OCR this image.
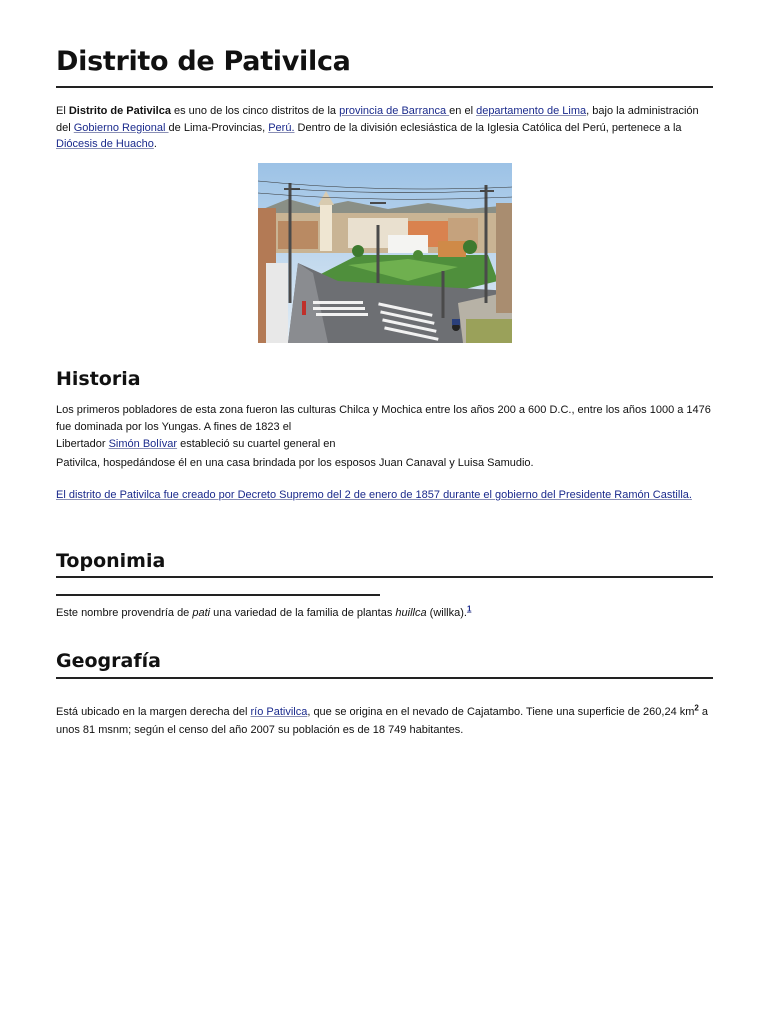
Distrito de Pativilca

El Distrito de Pativilca es uno de los cinco distritos de la provincia de Barranca en el departamento de Lima, bajo la administración del Gobierno Regional de Lima-Provincias, Perú. Dentro de la división eclesiástica de la Iglesia Católica del Perú, pertenece a la Diócesis de Huacho.

Historia

Los primeros pobladores de esta zona fueron las culturas Chilca y Mochica entre los años 200 a 600 D.C., entre los años 1000 a 1476 fue dominada por los Yungas. A fines de 1823 el

Libertador Simón Bolívar estableció su cuartel general en

Pativilca, hospedándose él en una casa brindada por los esposos Juan Canaval y Luisa Samudio.

El distrito de Pativilca fue creado por Decreto Supremo del 2 de enero de 1857 durante el gobierno del Presidente Ramón Castilla.

Toponimia

Este nombre provendría de pati una variedad de la familia de plantas huillca (willka).$^1$

Geografía

Está ubicado en la margen derecha del río Pativilca, que se origina en el nevado de Cajatambo. Tiene una superficie de 260,24 $km^2$ a unos 81 msnm; según el censo del año 2007 su población es de 18 749 habitantes.
